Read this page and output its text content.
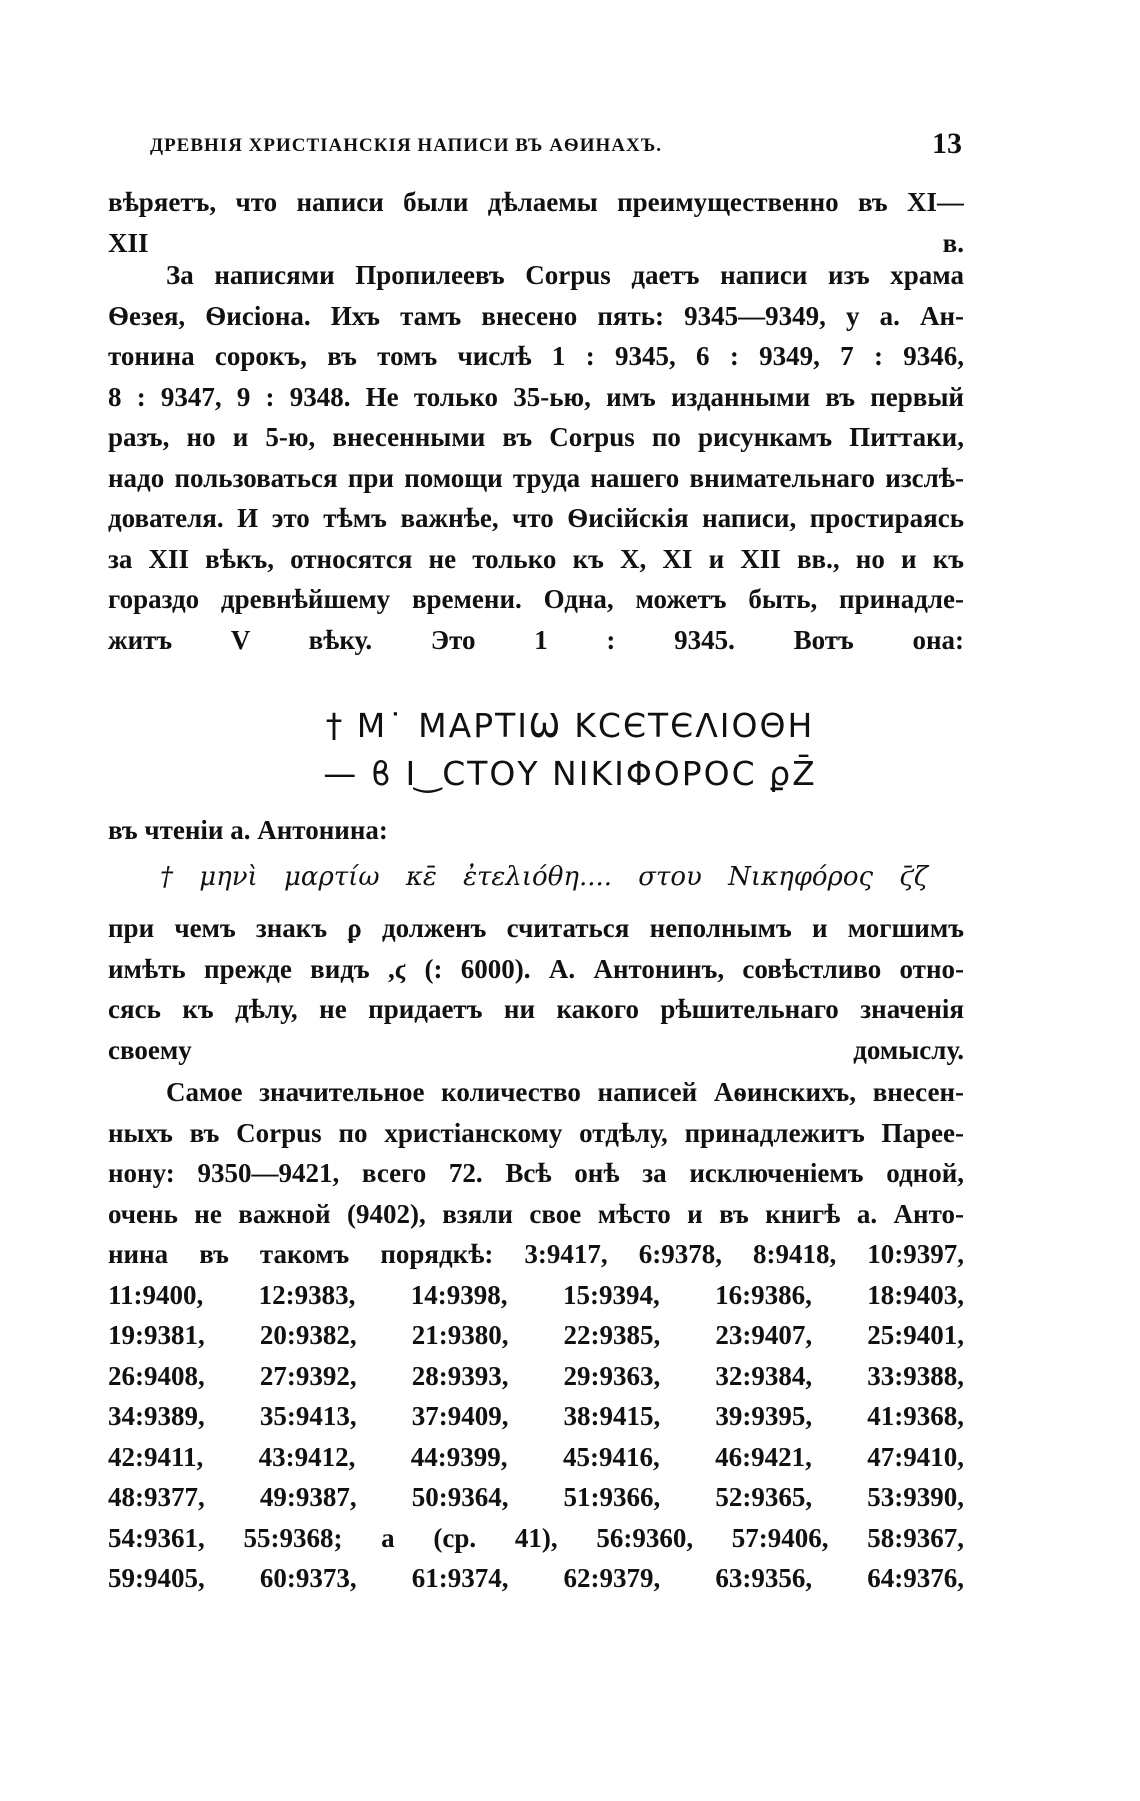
ДРЕВНІЯ ХРИСТІАНСКІЯ НАПИСИ ВЪ АѲИНАХЪ.	13
вѣряетъ, что написи были дѣлаемы преимущественно въ XI—
XII в.
За написями Пропилеевъ Corpus даетъ написи изъ храма
Ѳезея, Ѳисіона. Ихъ тамъ внесено пять: 9345—9349, у а. Ан-
тонина сорокъ, въ томъ числѣ 1 : 9345, 6 : 9349, 7 : 9346,
8 : 9347, 9 : 9348. Не только 35-ью, имъ изданными въ первый
разъ, но и 5-ю, внесенными въ Corpus по рисункамъ Питтаки,
надо пользоваться при помощи труда нашего внимательнаго изслѣ-
дователя. И это тѣмъ важнѣе, что Ѳисійскія написи, простираясь
за XII вѣкъ, относятся не только къ X, XI и XII вв., но и къ
гораздо древнѣйшему времени. Одна, можетъ быть, принадле-
житъ V вѣку. Это 1 : 9345. Вотъ она:
† Μ˙ ΜΑΡΤΙѠ ΚϹЄΤЄΛΙΟΘΗ
— ϐ Ι ͜ ϹΤΟΥ ΝΙΚΙΦΟΡΟϹ ϼZ̄
въ чтеніи а. Антонина:
† μηνὶ μαρτίω κε̄ ἐτελιόθη.... στου Νικηφόρος ϛ̄ζ
при чемъ знакъ ϼ долженъ считаться неполнымъ и могшимъ
имѣть прежде видъ ,ϛ (: 6000). А. Антонинъ, совѣстливо отно-
сясь къ дѣлу, не придаетъ ни какого рѣшительнаго значенія
своему домыслу.
Самое значительное количество написей Аѳинскихъ, внесен-
ныхъ въ Corpus по христіанскому отдѣлу, принадлежитъ Пареe-
нону: 9350—9421, всего 72. Всѣ онѣ за исключеніемъ одной,
очень не важной (9402), взяли свое мѣсто и въ книгѣ а. Анто-
нина въ такомъ порядкѣ: 3:9417, 6:9378, 8:9418, 10:9397,
11:9400, 12:9383, 14:9398, 15:9394, 16:9386, 18:9403,
19:9381, 20:9382, 21:9380, 22:9385, 23:9407, 25:9401,
26:9408, 27:9392, 28:9393, 29:9363, 32:9384, 33:9388,
34:9389, 35:9413, 37:9409, 38:9415, 39:9395, 41:9368,
42:9411, 43:9412, 44:9399, 45:9416, 46:9421, 47:9410,
48:9377, 49:9387, 50:9364, 51:9366, 52:9365, 53:9390,
54:9361, 55:9368; а (ср. 41), 56:9360, 57:9406, 58:9367,
59:9405, 60:9373, 61:9374, 62:9379, 63:9356, 64:9376,
